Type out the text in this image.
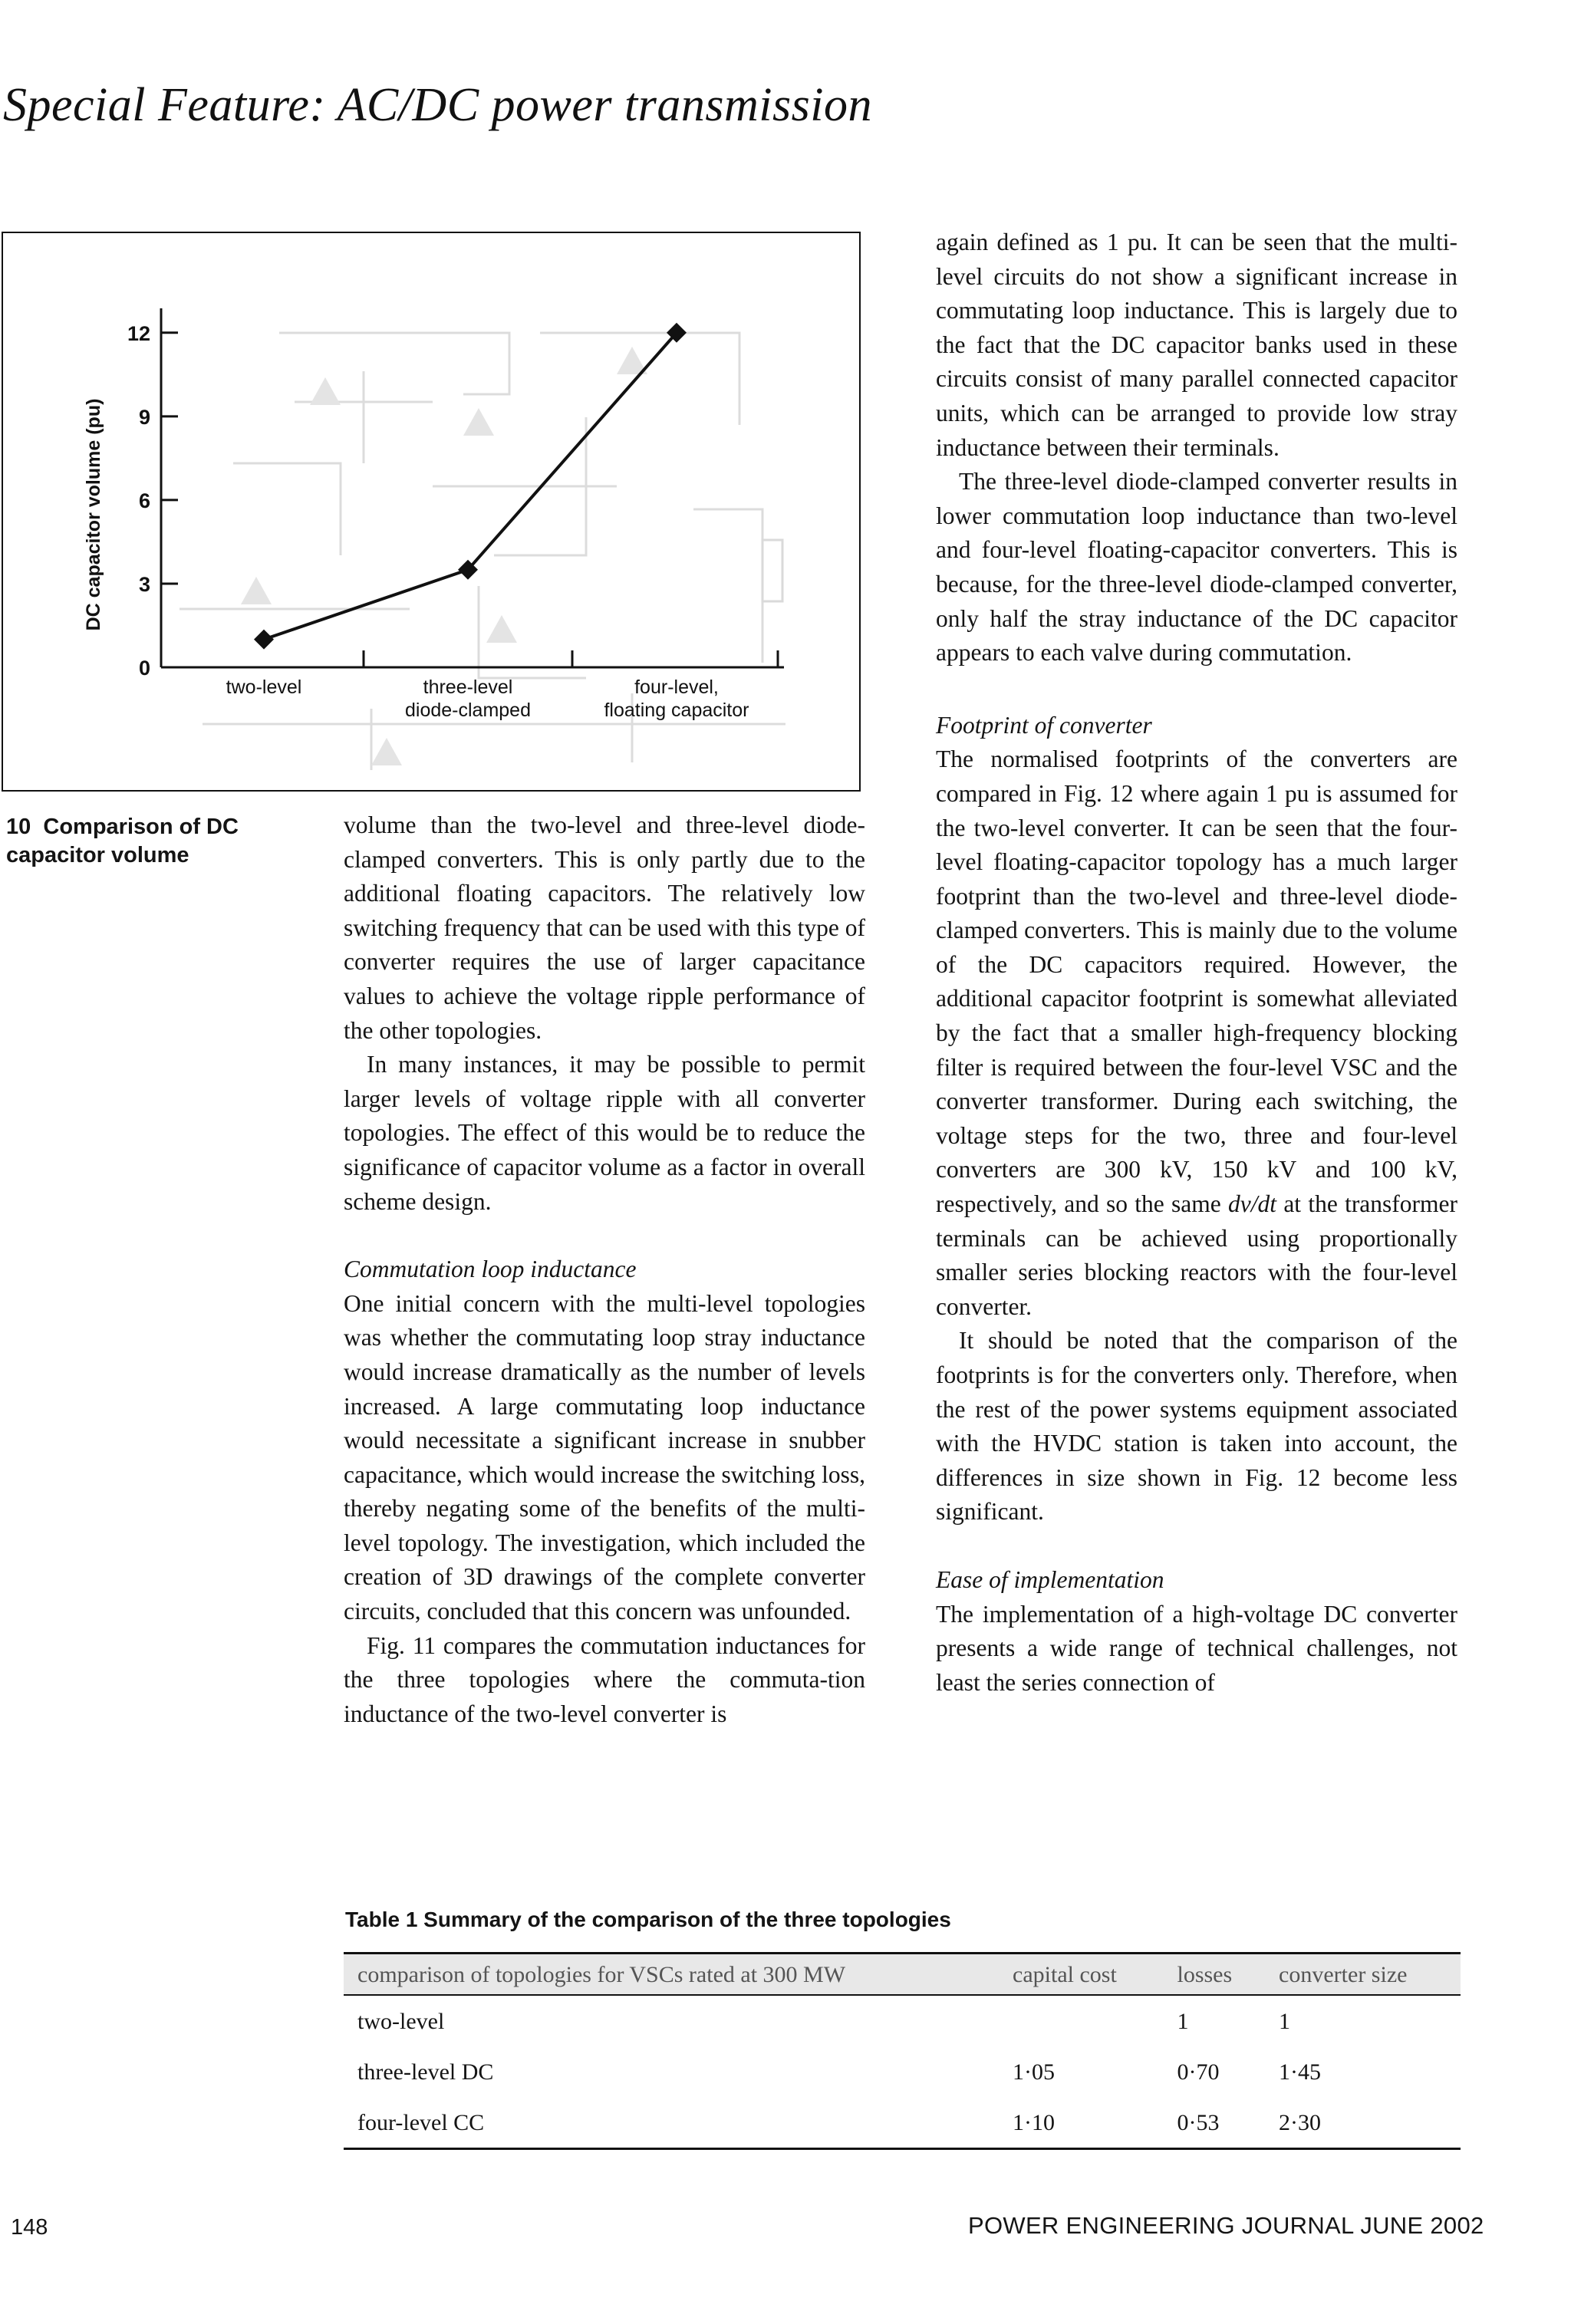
Special Feature: AC/DC power transmission
0
3
6
9
12
DC capacitor volume (pu)
two-level	three-level
diode-clamped
four-level,
floating capacitor
10 Comparison of DC capacitor volume

volume than the two-level and three-level diode-clamped converters. This is only partly due to the additional floating capacitors. The relatively low switching frequency that can be used with this type of converter requires the use of larger capacitance values to achieve the voltage ripple performance of the other topologies.

In many instances, it may be possible to permit larger levels of voltage ripple with all converter topologies. The effect of this would be to reduce the significance of capacitor volume as a factor in overall scheme design.

Commutation loop inductance

One initial concern with the multi-level topologies was whether the commutating loop stray inductance would increase dramatically as the number of levels increased. A large commutating loop inductance would necessitate a significant increase in snubber capacitance, which would increase the switching loss, thereby negating some of the benefits of the multi-level topology. The investigation, which included the creation of 3D drawings of the complete converter circuits, concluded that this concern was unfounded.

Fig. 11 compares the commutation inductances for the three topologies where the commuta-tion inductance of the two-level converter is

again defined as 1 pu. It can be seen that the multi-level circuits do not show a significant increase in commutating loop inductance. This is largely due to the fact that the DC capacitor banks used in these circuits consist of many parallel connected capacitor units, which can be arranged to provide low stray inductance between their terminals.

The three-level diode-clamped converter results in lower commutation loop inductance than two-level and four-level floating-capacitor converters. This is because, for the three-level diode-clamped converter, only half the stray inductance of the DC capacitor appears to each valve during commutation.

Footprint of converter

The normalised footprints of the converters are compared in Fig. 12 where again 1 pu is assumed for the two-level converter. It can be seen that the four-level floating-capacitor topology has a much larger footprint than the two-level and three-level diode-clamped converters. This is mainly due to the volume of the DC capacitors required. However, the additional capacitor footprint is somewhat alleviated by the fact that a smaller high-frequency blocking filter is required between the four-level VSC and the converter transformer. During each switching, the voltage steps for the two, three and four-level converters are 300 kV, 150 kV and 100 kV, respectively, and so the same dv/dt at the transformer terminals can be achieved using proportionally smaller series blocking reactors with the four-level converter.

It should be noted that the comparison of the footprints is for the converters only. Therefore, when the rest of the power systems equipment associated with the HVDC station is taken into account, the differences in size shown in Fig. 12 become less significant.

Ease of implementation

The implementation of a high-voltage DC converter presents a wide range of technical challenges, not least the series connection of

Table 1 Summary of the comparison of the three topologies
comparison of topologies for VSCs rated at 300 MW	capital cost	losses	converter size
two-level		1	1
three-level DC	1·05	0·70	1·45
four-level CC	1·10	0·53	2·30
148	POWER ENGINEERING JOURNAL JUNE 2002
